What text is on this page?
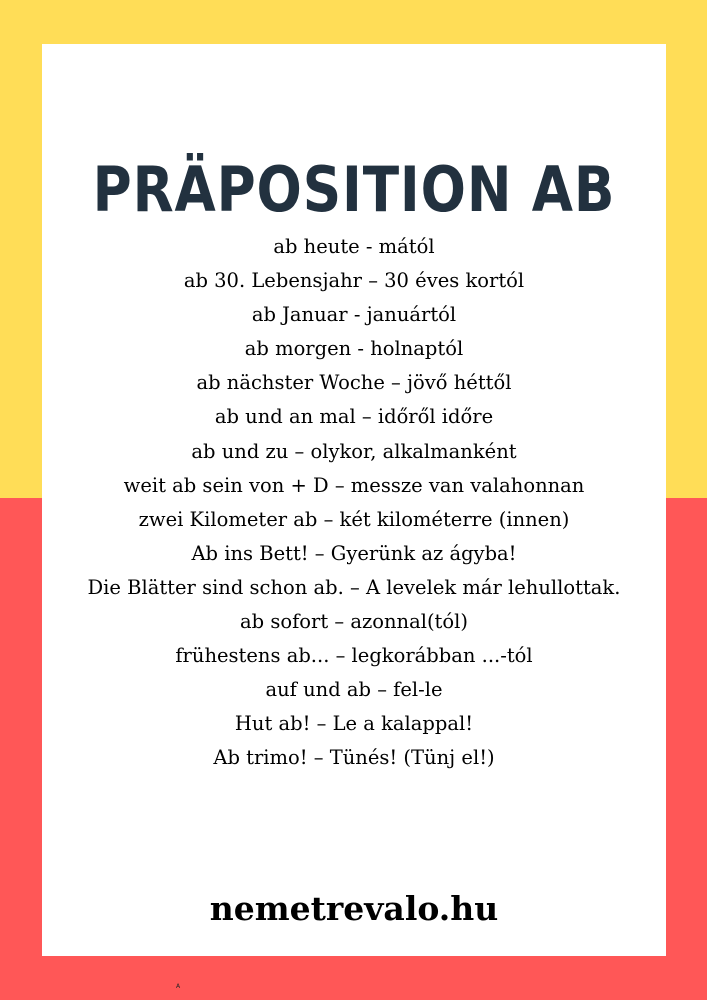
PRÄPOSITION AB
ab heute - mától
ab 30. Lebensjahr – 30 éves kortól
ab Januar - januártól
ab morgen - holnaptól
ab nächster Woche – jövő héttől
ab und an mal – időről időre
ab und zu – olykor, alkalmanként
weit ab sein von + D – messze van valahonnan
zwei Kilometer ab – két kilométerre (innen)
Ab ins Bett! – Gyerünk az ágyba!
Die Blätter sind schon ab. – A levelek már lehullottak.
ab sofort – azonnal(tól)
frühestens ab... – legkorábban ...-tól
auf und ab – fel-le
Hut ab! – Le a kalappal!
Ab trimo! – Tünés! (Tünj el!)
nemetrevalo.hu
A
